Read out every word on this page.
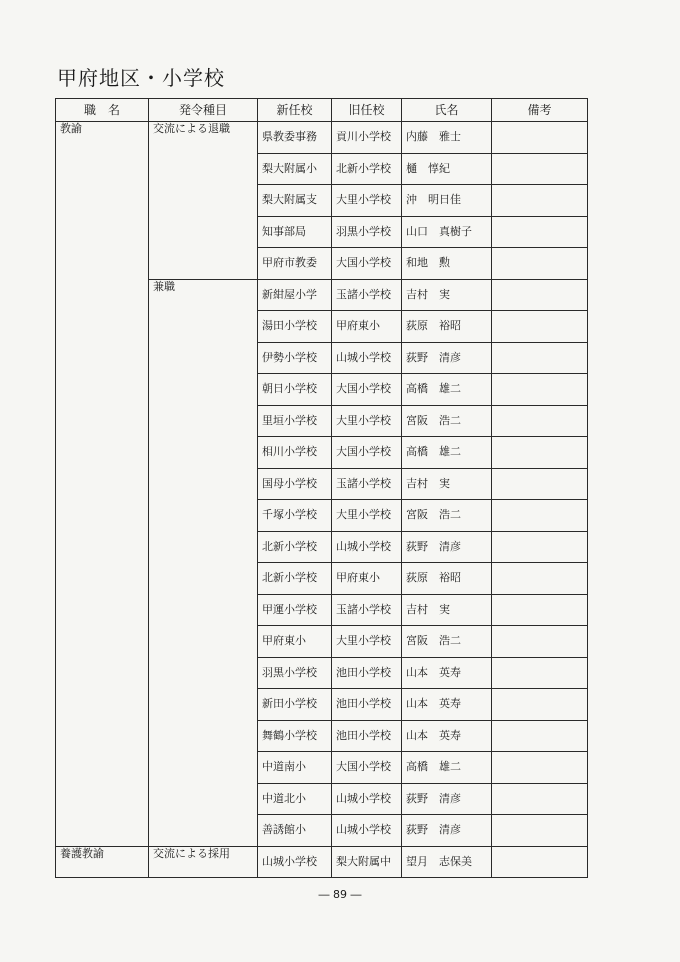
甲府地区・小学校
職　名	発令種目	新任校	旧任校	氏名	備考
教諭	交流による退職	県教委事務	貢川小学校	内藤　雅士	
		梨大附属小	北新小学校	樋　惇紀	
		梨大附属支	大里小学校	沖　明日佳	
		知事部局	羽黒小学校	山口　真樹子	
		甲府市教委	大国小学校	和地　勲	
	兼職	新紺屋小学	玉諸小学校	吉村　実	
		湯田小学校	甲府東小	荻原　裕昭	
		伊勢小学校	山城小学校	荻野　清彦	
		朝日小学校	大国小学校	高橋　雄二	
		里垣小学校	大里小学校	宮阪　浩二	
		相川小学校	大国小学校	高橋　雄二	
		国母小学校	玉諸小学校	吉村　実	
		千塚小学校	大里小学校	宮阪　浩二	
		北新小学校	山城小学校	荻野　清彦	
		北新小学校	甲府東小	荻原　裕昭	
		甲運小学校	玉諸小学校	吉村　実	
		甲府東小	大里小学校	宮阪　浩二	
		羽黒小学校	池田小学校	山本　英寿	
		新田小学校	池田小学校	山本　英寿	
		舞鶴小学校	池田小学校	山本　英寿	
		中道南小	大国小学校	高橋　雄二	
		中道北小	山城小学校	荻野　清彦	
		善誘館小	山城小学校	荻野　清彦	
養護教諭	交流による採用	山城小学校	梨大附属中	望月　志保美	
― 89 ―
